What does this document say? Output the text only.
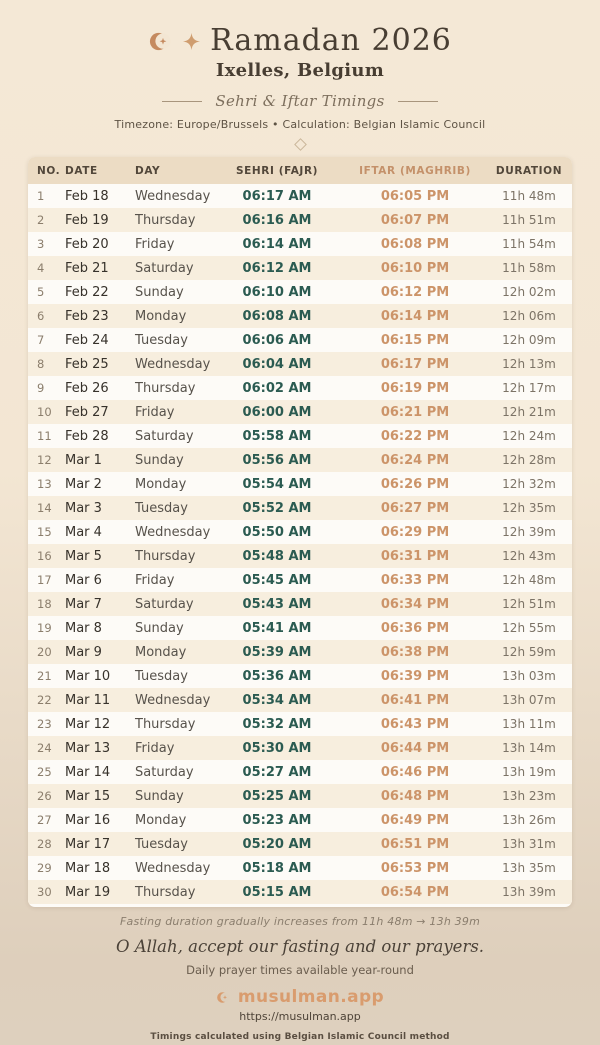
Ramadan 2026
Ixelles, Belgium
Sehri & Iftar Timings
Timezone: Europe/Brussels • Calculation: Belgian Islamic Council
NO.	DATE	DAY	SEHRI (FAJR)	IFTAR (MAGHRIB)	DURATION
1	Feb 18	Wednesday	06:17 AM	06:05 PM	11h 48m
2	Feb 19	Thursday	06:16 AM	06:07 PM	11h 51m
3	Feb 20	Friday	06:14 AM	06:08 PM	11h 54m
4	Feb 21	Saturday	06:12 AM	06:10 PM	11h 58m
5	Feb 22	Sunday	06:10 AM	06:12 PM	12h 02m
6	Feb 23	Monday	06:08 AM	06:14 PM	12h 06m
7	Feb 24	Tuesday	06:06 AM	06:15 PM	12h 09m
8	Feb 25	Wednesday	06:04 AM	06:17 PM	12h 13m
9	Feb 26	Thursday	06:02 AM	06:19 PM	12h 17m
10	Feb 27	Friday	06:00 AM	06:21 PM	12h 21m
11	Feb 28	Saturday	05:58 AM	06:22 PM	12h 24m
12	Mar 1	Sunday	05:56 AM	06:24 PM	12h 28m
13	Mar 2	Monday	05:54 AM	06:26 PM	12h 32m
14	Mar 3	Tuesday	05:52 AM	06:27 PM	12h 35m
15	Mar 4	Wednesday	05:50 AM	06:29 PM	12h 39m
16	Mar 5	Thursday	05:48 AM	06:31 PM	12h 43m
17	Mar 6	Friday	05:45 AM	06:33 PM	12h 48m
18	Mar 7	Saturday	05:43 AM	06:34 PM	12h 51m
19	Mar 8	Sunday	05:41 AM	06:36 PM	12h 55m
20	Mar 9	Monday	05:39 AM	06:38 PM	12h 59m
21	Mar 10	Tuesday	05:36 AM	06:39 PM	13h 03m
22	Mar 11	Wednesday	05:34 AM	06:41 PM	13h 07m
23	Mar 12	Thursday	05:32 AM	06:43 PM	13h 11m
24	Mar 13	Friday	05:30 AM	06:44 PM	13h 14m
25	Mar 14	Saturday	05:27 AM	06:46 PM	13h 19m
26	Mar 15	Sunday	05:25 AM	06:48 PM	13h 23m
27	Mar 16	Monday	05:23 AM	06:49 PM	13h 26m
28	Mar 17	Tuesday	05:20 AM	06:51 PM	13h 31m
29	Mar 18	Wednesday	05:18 AM	06:53 PM	13h 35m
30	Mar 19	Thursday	05:15 AM	06:54 PM	13h 39m
Fasting duration gradually increases from 11h 48m → 13h 39m
O Allah, accept our fasting and our prayers.
Daily prayer times available year-round
musulman.app
https://musulman.app
Timings calculated using Belgian Islamic Council method
